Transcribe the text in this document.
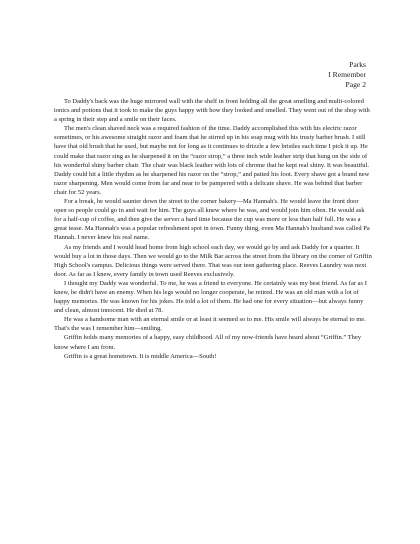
Parks
I Remember
Page 2

To Daddy's back was the huge mirrored wall with the shelf in front holding all the great smelling and multi-colored tonics and potions that it took to make the guys happy with how they looked and smelled. They went out of the shop with a spring in their step and a smile on their faces.

The men's clean shaved neck was a required fashion of the time. Daddy accomplished this with his electric razor sometimes, or his awesome straight razor and foam that he stirred up in his soap mug with his trusty barber brush. I still have that old brush that he used, but maybe not for long as it continues to drizzle a few bristles each time I pick it up. He could make that razor sing as he sharpened it on the “razor strop,” a three inch wide leather strip that hung on the side of his wonderful shiny barber chair. The chair was black leather with lots of chrome that he kept real shiny. It was beautiful. Daddy could hit a little rhythm as he sharpened his razor on the “strop,” and patted his foot. Every shave got a brand new razor sharpening. Men would come from far and near to be pampered with a delicate shave. He was behind that barber chair for 52 years.

For a break, he would saunter down the street to the corner bakery—Ma Hannah's. He would leave the front door open so people could go in and wait for him. The guys all knew where he was, and would join him often. He would ask for a half-cup of coffee, and then give the server a hard time because the cup was more or less than half full. He was a great tease. Ma Hannah's was a popular refreshment spot in town. Funny thing, even Ma Hannah's husband was called Pa Hannah. I never knew his real name.

As my friends and I would head home from high school each day, we would go by and ask Daddy for a quarter. It would buy a lot in those days. Then we would go to the Milk Bar across the street from the library on the corner of Griffin High School's campus. Delicious things were served there. That was our teen gathering place. Reeves Laundry was next door. As far as I knew, every family in town used Reeves exclusively.

I thought my Daddy was wonderful. To me, he was a friend to everyone. He certainly was my best friend. As far as I knew, he didn't have an enemy. When his legs would no longer cooperate, he retired. He was an old man with a lot of happy memories. He was known for his jokes. He told a lot of them. He had one for every situation—but always funny and clean, almost innocent. He died at 78.

He was a handsome man with an eternal smile or at least it seemed so to me. His smile will always be eternal to me. That's the was I remember him—smiling.

Griffin holds many memories of a happy, easy childhood. All of my now-friends have heard about “Griffin.” They know where I am from.

Griffin is a great hometown. It is middle America—South!
